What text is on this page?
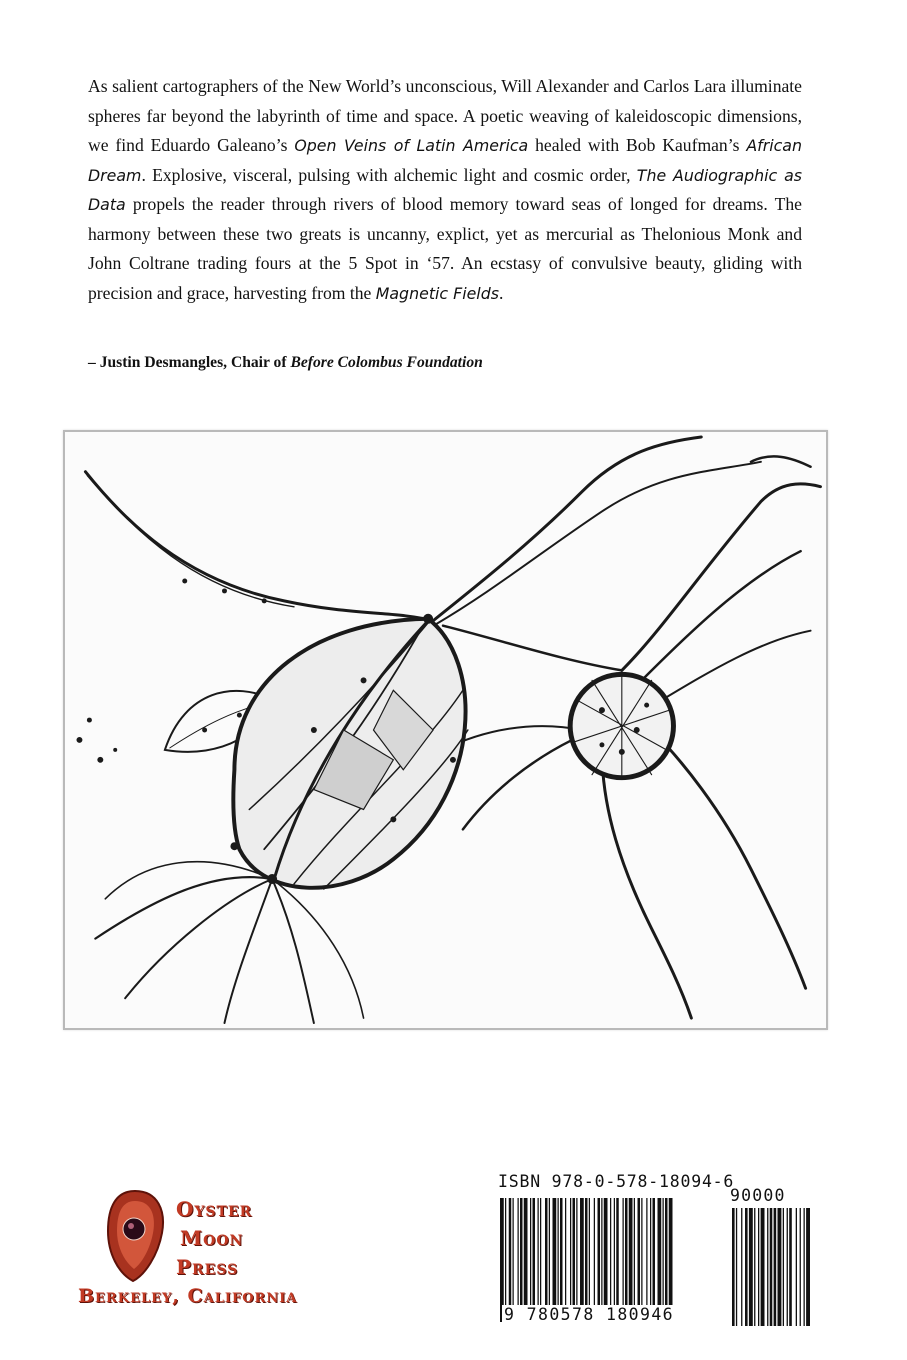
As salient cartographers of the New World’s unconscious, Will Alexander and Carlos Lara illuminate spheres far beyond the labyrinth of time and space. A poetic weaving of kaleidoscopic dimensions, we find Eduardo Galeano’s Open Veins of Latin America healed with Bob Kaufman’s African Dream. Explosive, visceral, pulsing with alchemic light and cosmic order, The Audiographic as Data propels the reader through rivers of blood memory toward seas of longed for dreams. The harmony between these two greats is uncanny, explict, yet as mercurial as Thelonious Monk and John Coltrane trading fours at the 5 Spot in ‘57. An ecstasy of convulsive beauty, gliding with precision and grace, harvesting from the Magnetic Fields.
– Justin Desmangles, Chair of Before Colombus Foundation
Oyster
Moon
Press
Berkeley, California
ISBN 978-0-578-18094-6
90000
9 780578 180946
